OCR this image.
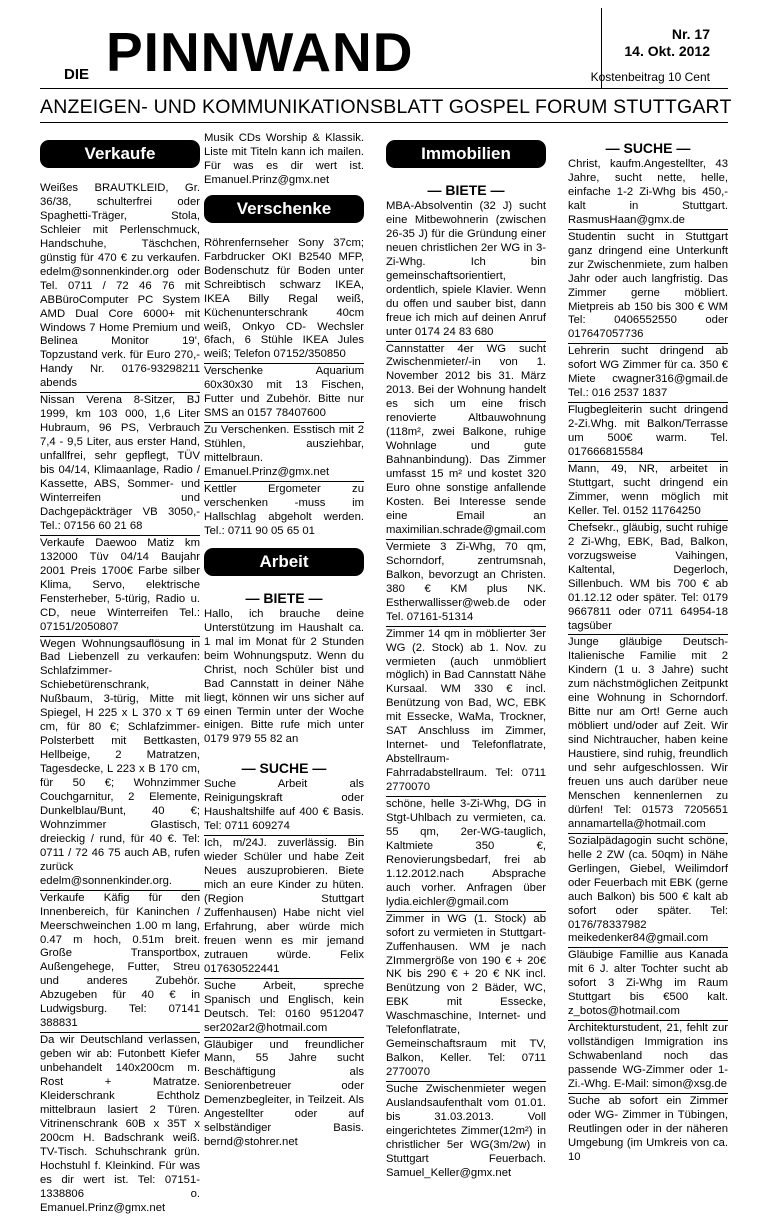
DIE PINNWAND	Nr. 17
14. Okt. 2012
Kostenbeitrag 10 Cent
ANZEIGEN- UND KOMMUNIKATIONSBLATT GOSPEL FORUM STUTTGART
Verkaufe
Weißes BRAUTKLEID, Gr. 36/38, schulterfrei oder Spaghetti-Träger, Stola, Schleier mit Perlenschmuck, Handschuhe, Täschchen, günstig für 470 € zu verkaufen. edelm@sonnenkinder.org oder Tel. 0711 / 72 46 76 mit ABBüroComputer PC System AMD Dual Core 6000+ mit Windows 7 Home Premium und Belinea Monitor 19', Topzustand verk. für Euro 270,- Handy Nr. 0176-93298211 abends
Nissan Verena 8-Sitzer, BJ 1999, km 103 000, 1,6 Liter Hubraum, 96 PS, Verbrauch 7,4 - 9,5 Liter, aus erster Hand, unfallfrei, sehr gepflegt, TÜV bis 04/14, Klimaanlage, Radio / Kassette, ABS, Sommer- und Winterreifen und Dachgepäckträger VB 3050,- Tel.: 07156 60 21 68
Verkaufe Daewoo Matiz km 132000 Tüv 04/14 Baujahr 2001 Preis 1700€ Farbe silber Klima, Servo, elektrische Fensterheber, 5-türig, Radio u. CD, neue Winterreifen Tel.: 07151/2050807
Wegen Wohnungsauflösung in Bad Liebenzell zu verkaufen: Schlafzimmer-Schiebetürenschrank, Nußbaum, 3-türig, Mitte mit Spiegel, H 225 x L 370 x T 69 cm, für 80 €; Schlafzimmer-Polsterbett mit Bettkasten, Hellbeige, 2 Matratzen, Tagesdecke, L 223 x B 170 cm, für 50 €; Wohnzimmer Couchgarnitur, 2 Elemente, Dunkelblau/Bunt, 40 €; Wohnzimmer Glastisch, dreieckig / rund, für 40 €. Tel: 0711 / 72 46 75 auch AB, rufen zurück edelm@sonnenkinder.org.
Verkaufe Käfig für den Innenbereich, für Kaninchen / Meerschweinchen 1.00 m lang, 0.47 m hoch, 0.51m breit. Große Transportbox, Außengehege, Futter, Streu und anderes Zubehör. Abzugeben für 40 € in Ludwigsburg. Tel: 07141 388831
Da wir Deutschland verlassen, geben wir ab: Futonbett Kiefer unbehandelt 140x200cm m. Rost + Matratze. Kleiderschrank Echtholz mittelbraun lasiert 2 Türen. Vitrinenschrank 60B x 35T x 200cm H. Badschrank weiß. TV-Tisch. Schuhschrank grün. Hochstuhl f. Kleinkind. Für was es dir wert ist. Tel: 07151-1338806 o. Emanuel.Prinz@gmx.net
Musik CDs Worship & Klassik. Liste mit Titeln kann ich mailen. Für was es dir wert ist. Emanuel.Prinz@gmx.net
Verschenke
Röhrenfernseher Sony 37cm; Farbdrucker OKI B2540 MFP, Bodenschutz für Boden unter Schreibtisch schwarz IKEA, IKEA Billy Regal weiß, Küchenunterschrank 40cm weiß, Onkyo CD- Wechsler 6fach, 6 Stühle IKEA Jules weiß; Telefon 07152/350850
Verschenke Aquarium 60x30x30 mit 13 Fischen, Futter und Zubehör. Bitte nur SMS an 0157 78407600
Zu Verschenken. Esstisch mit 2 Stühlen, ausziehbar, mittelbraun. Emanuel.Prinz@gmx.net
Kettler Ergometer zu verschenken -muss im Hallschlag abgeholt werden. Tel.: 0711 90 05 65 01
Arbeit
— BIETE —
Hallo, ich brauche deine Unterstützung im Haushalt ca. 1 mal im Monat für 2 Stunden beim Wohnungsputz. Wenn du Christ, noch Schüler bist und Bad Cannstatt in deiner Nähe liegt, können wir uns sicher auf einen Termin unter der Woche einigen. Bitte rufe mich unter 0179 979 55 82 an
— SUCHE —
Suche Arbeit als Reinigungskraft oder Haushaltshilfe auf 400 € Basis. Tel: 0711 609274
Ich, m/24J. zuverlässig. Bin wieder Schüler und habe Zeit Neues auszuprobieren. Biete mich an eure Kinder zu hüten. (Region Stuttgart Zuffenhausen) Habe nicht viel Erfahrung, aber würde mich freuen wenn es mir jemand zutrauen würde. Felix 017630522441
Suche Arbeit, spreche Spanisch und Englisch, kein Deutsch. Tel: 0160 9512047 ser202ar2@hotmail.com
Gläubiger und freundlicher Mann, 55 Jahre sucht Beschäftigung als Seniorenbetreuer oder Demenzbegleiter, in Teilzeit. Als Angestellter oder auf selbständiger Basis. bernd@stohrer.net
Immobilien
— BIETE —
MBA-Absolventin (32 J) sucht eine Mitbewohnerin (zwischen 26-35 J) für die Gründung einer neuen christlichen 2er WG in 3-Zi-Whg. Ich bin gemeinschaftsorientiert, ordentlich, spiele Klavier. Wenn du offen und sauber bist, dann freue ich mich auf deinen Anruf unter 0174 24 83 680
Cannstatter 4er WG sucht Zwischenmieter/-in von 1. November 2012 bis 31. März 2013. Bei der Wohnung handelt es sich um eine frisch renovierte Altbauwohnung (118m², zwei Balkone, ruhige Wohnlage und gute Bahnanbindung). Das Zimmer umfasst 15 m² und kostet 320 Euro ohne sonstige anfallende Kosten. Bei Interesse sende eine Email an maximilian.schrade@gmail.com
Vermiete 3 Zi-Whg, 70 qm, Schorndorf, zentrumsnah, Balkon, bevorzugt an Christen. 380 € KM plus NK. Estherwallisser@web.de oder Tel. 07161-51314
Zimmer 14 qm in möblierter 3er WG (2. Stock) ab 1. Nov. zu vermieten (auch unmöbliert möglich) in Bad Cannstatt Nähe Kursaal. WM 330 € incl. Benützung von Bad, WC, EBK mit Essecke, WaMa, Trockner, SAT Anschluss im Zimmer, Internet- und Telefonflatrate, Abstellraum-Fahrradabstellraum. Tel: 0711 2770070
schöne, helle 3-Zi-Whg, DG in Stgt-Uhlbach zu vermieten, ca. 55 qm, 2er-WG-tauglich, Kaltmiete 350 €, Renovierungsbedarf, frei ab 1.12.2012.nach Absprache auch vorher. Anfragen über lydia.eichler@gmail.com
Zimmer in WG (1. Stock) ab sofort zu vermieten in Stuttgart-Zuffenhausen. WM je nach ZImmergröße von 190 € + 20€ NK bis 290 € + 20 € NK incl. Benützung von 2 Bäder, WC, EBK mit Essecke, Waschmaschine, Internet- und Telefonflatrate, Gemeinschaftsraum mit TV, Balkon, Keller. Tel: 0711 2770070
Suche Zwischenmieter wegen Auslandsaufenthalt vom 01.01. bis 31.03.2013. Voll eingerichtetes Zimmer(12m²) in christlicher 5er WG(3m/2w) in Stuttgart Feuerbach. Samuel_Keller@gmx.net
— SUCHE —
Christ, kaufm.Angestellter, 43 Jahre, sucht nette, helle, einfache 1-2 Zi-Whg bis 450,- kalt in Stuttgart. RasmusHaan@gmx.de
Studentin sucht in Stuttgart ganz dringend eine Unterkunft zur Zwischenmiete, zum halben Jahr oder auch langfristig. Das Zimmer gerne möbliert. Mietpreis ab 150 bis 300 € WM Tel: 0406552550 oder 017647057736
Lehrerin sucht dringend ab sofort WG Zimmer für ca. 350 € Miete cwagner316@gmail.de Tel.: 016 2537 1837
Flugbegleiterin sucht dringend 2-Zi.Whg. mit Balkon/Terrasse um 500€ warm. Tel. 017666815584
Mann, 49, NR, arbeitet in Stuttgart, sucht dringend ein Zimmer, wenn möglich mit Keller. Tel. 0152 11764250
Chefsekr., gläubig, sucht ruhige 2 Zi-Whg, EBK, Bad, Balkon, vorzugsweise Vaihingen, Kaltental, Degerloch, Sillenbuch. WM bis 700 € ab 01.12.12 oder später. Tel: 0179 9667811 oder 0711 64954-18 tagsüber
Junge gläubige Deutsch-Italienische Familie mit 2 Kindern (1 u. 3 Jahre) sucht zum nächstmöglichen Zeitpunkt eine Wohnung in Schorndorf. Bitte nur am Ort! Gerne auch möbliert und/oder auf Zeit. Wir sind Nichtraucher, haben keine Haustiere, sind ruhig, freundlich und sehr aufgeschlossen. Wir freuen uns auch darüber neue Menschen kennenlernen zu dürfen! Tel: 01573 7205651 annamartella@hotmail.com
Sozialpädagogin sucht schöne, helle 2 ZW (ca. 50qm) in Nähe Gerlingen, Giebel, Weilimdorf oder Feuerbach mit EBK (gerne auch Balkon) bis 500 € kalt ab sofort oder später. Tel: 0176/78337982 meikedenker84@gmail.com
Gläubige Famillie aus Kanada mit 6 J. alter Tochter sucht ab sofort 3 Zi-Whg im Raum Stuttgart bis €500 kalt. z_botos@hotmail.com
Architekturstudent, 21, fehlt zur vollständigen Immigration ins Schwabenland noch das passende WG-Zimmer oder 1-Zi.-Whg. E-Mail: simon@xsg.de
Suche ab sofort ein Zimmer oder WG- Zimmer in Tübingen, Reutlingen oder in der näheren Umgebung (im Umkreis von ca. 10
